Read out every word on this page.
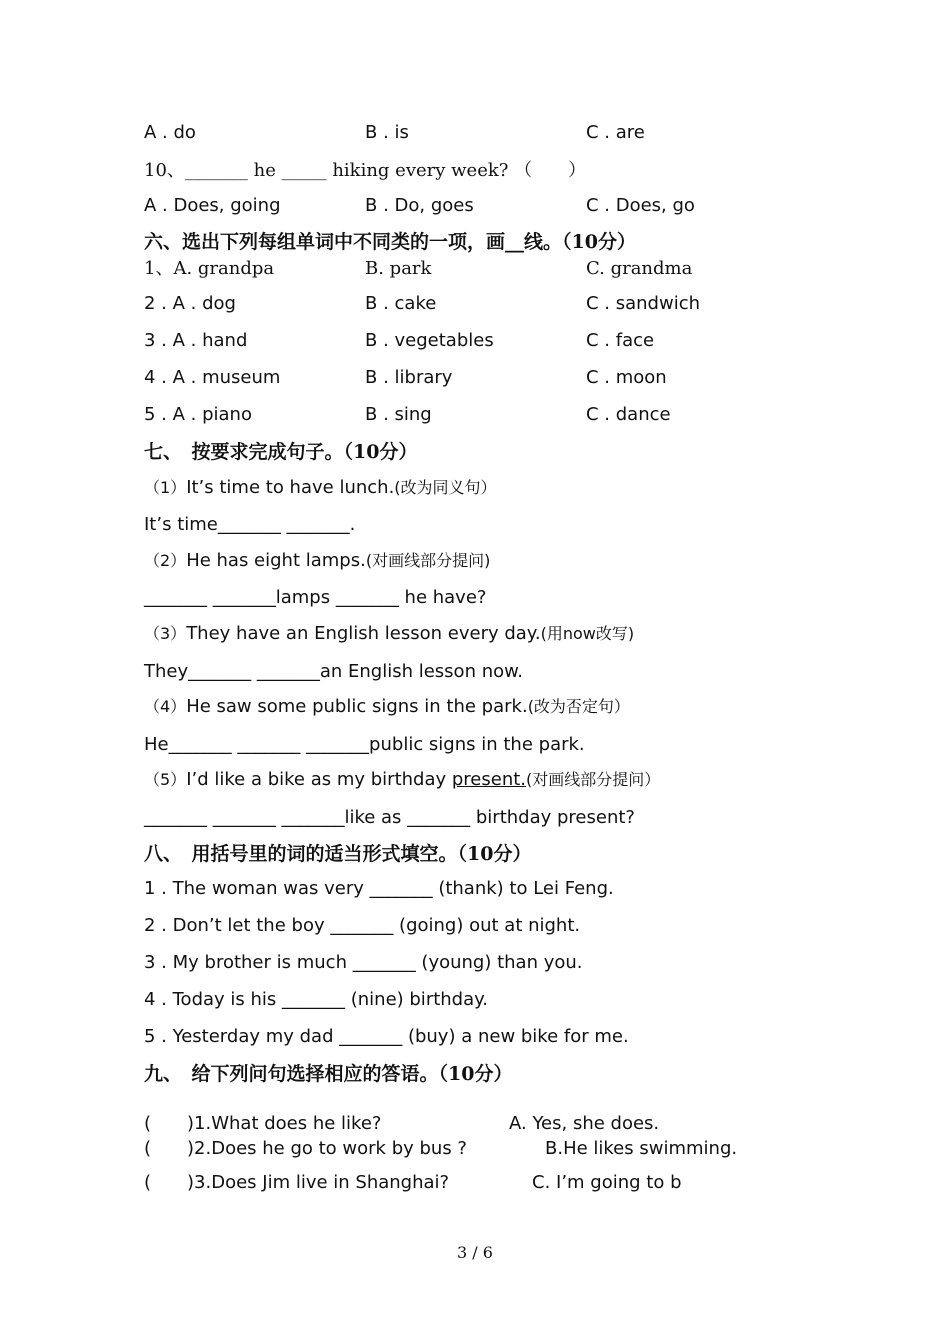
A . do	B . is	C . are
10、_______ he _____ hiking every week? （　　）
A . Does, going	B . Do, goes	C . Does, go
六、选出下列每组单词中不同类的一项，画__线。（10分）
1、A. grandpa	B. park	C. grandma
2 . A . dog	B . cake	C . sandwich
3 . A . hand	B . vegetables	C . face
4 . A . museum	B . library	C . moon
5 . A . piano	B . sing	C . dance
七、　按要求完成句子。（10分）
（1）It’s time to have lunch.(改为同义句）
It’s time_______ _______.
（2）He has eight lamps.(对画线部分提问)
_______ _______lamps _______ he have?
（3）They have an English lesson every day.(用now改写)
They_______ _______an English lesson now.
（4）He saw some public signs in the park.(改为否定句）
He_______ _______ _______public signs in the park.
（5）I’d like a bike as my birthday present.(对画线部分提问）
_______ _______ _______like as _______ birthday present?
八、　用括号里的词的适当形式填空。（10分）
1 . The woman was very _______ (thank) to Lei Feng.
2 . Don’t let the boy _______ (going) out at night.
3 . My brother is much _______ (young) than you.
4 . Today is his _______ (nine) birthday.
5 . Yesterday my dad _______ (buy) a new bike for me.
九、　给下列问句选择相应的答语。（10分）
(　　)1.What does he like?	A. Yes, she does.
(　　)2.Does he go to work by bus ?	B.He likes swimming.
(　　)3.Does Jim live in Shanghai?	C. I’m going to b
3 / 6
